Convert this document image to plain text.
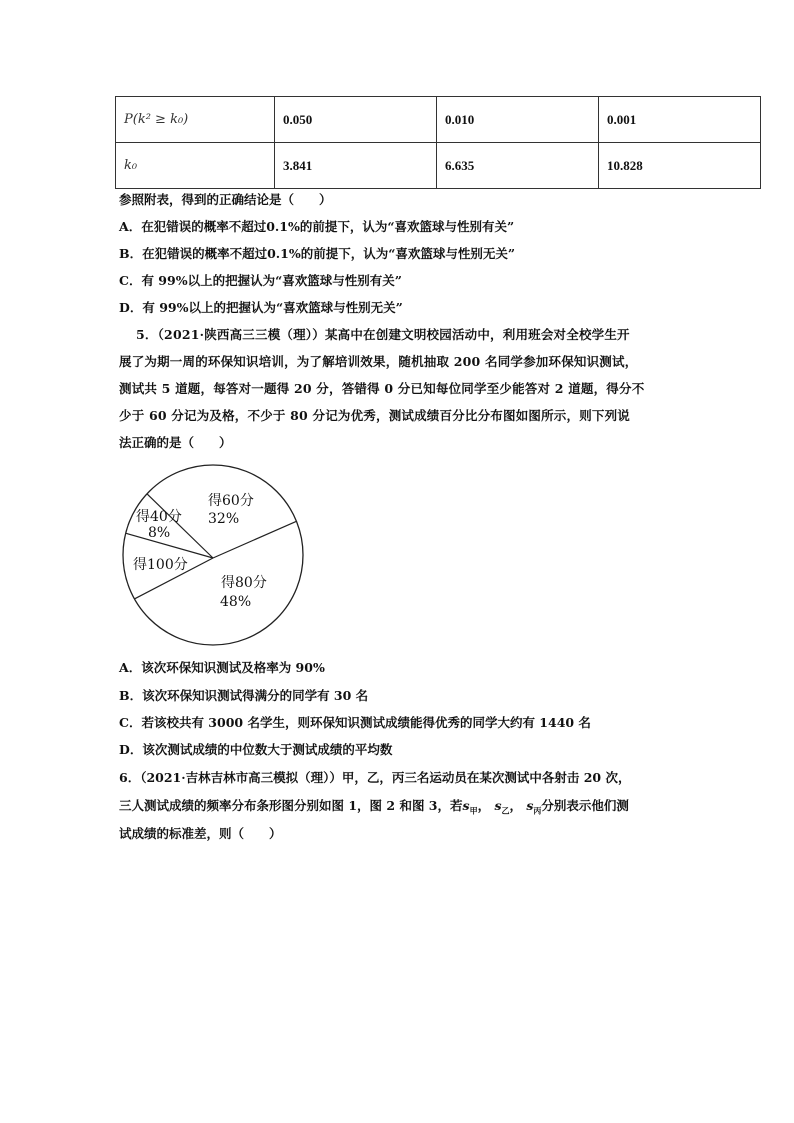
P(k² ≥ k₀)	0.050	0.010	0.001
k₀	3.841	6.635	10.828
参照附表，得到的正确结论是（　　）
A．在犯错误的概率不超过0.1%的前提下，认为“喜欢篮球与性别有关”
B．在犯错误的概率不超过0.1%的前提下，认为“喜欢篮球与性别无关”
C．有 99%以上的把握认为“喜欢篮球与性别有关”
D．有 99%以上的把握认为“喜欢篮球与性别无关”
5．（2021·陕西高三三模（理））某高中在创建文明校园活动中，利用班会对全校学生开
展了为期一周的环保知识培训，为了解培训效果，随机抽取 200 名同学参加环保知识测试，
测试共 5 道题，每答对一题得 20 分，答错得 0 分已知每位同学至少能答对 2 道题，得分不
少于 60 分记为及格，不少于 80 分记为优秀，测试成绩百分比分布图如图所示，则下列说
法正确的是（　　）
得60分
32%
得40分
8%
得100分
得80分
48%
A．该次环保知识测试及格率为 90%
B．该次环保知识测试得满分的同学有 30 名
C．若该校共有 3000 名学生，则环保知识测试成绩能得优秀的同学大约有 1440 名
D．该次测试成绩的中位数大于测试成绩的平均数
6．（2021·吉林吉林市高三模拟（理））甲，乙，丙三名运动员在某次测试中各射击 20 次，
三人测试成绩的频率分布条形图分别如图 1，图 2 和图 3，若$s_甲$， $s_乙$， $s_丙$分别表示他们测
试成绩的标准差，则（　　）
